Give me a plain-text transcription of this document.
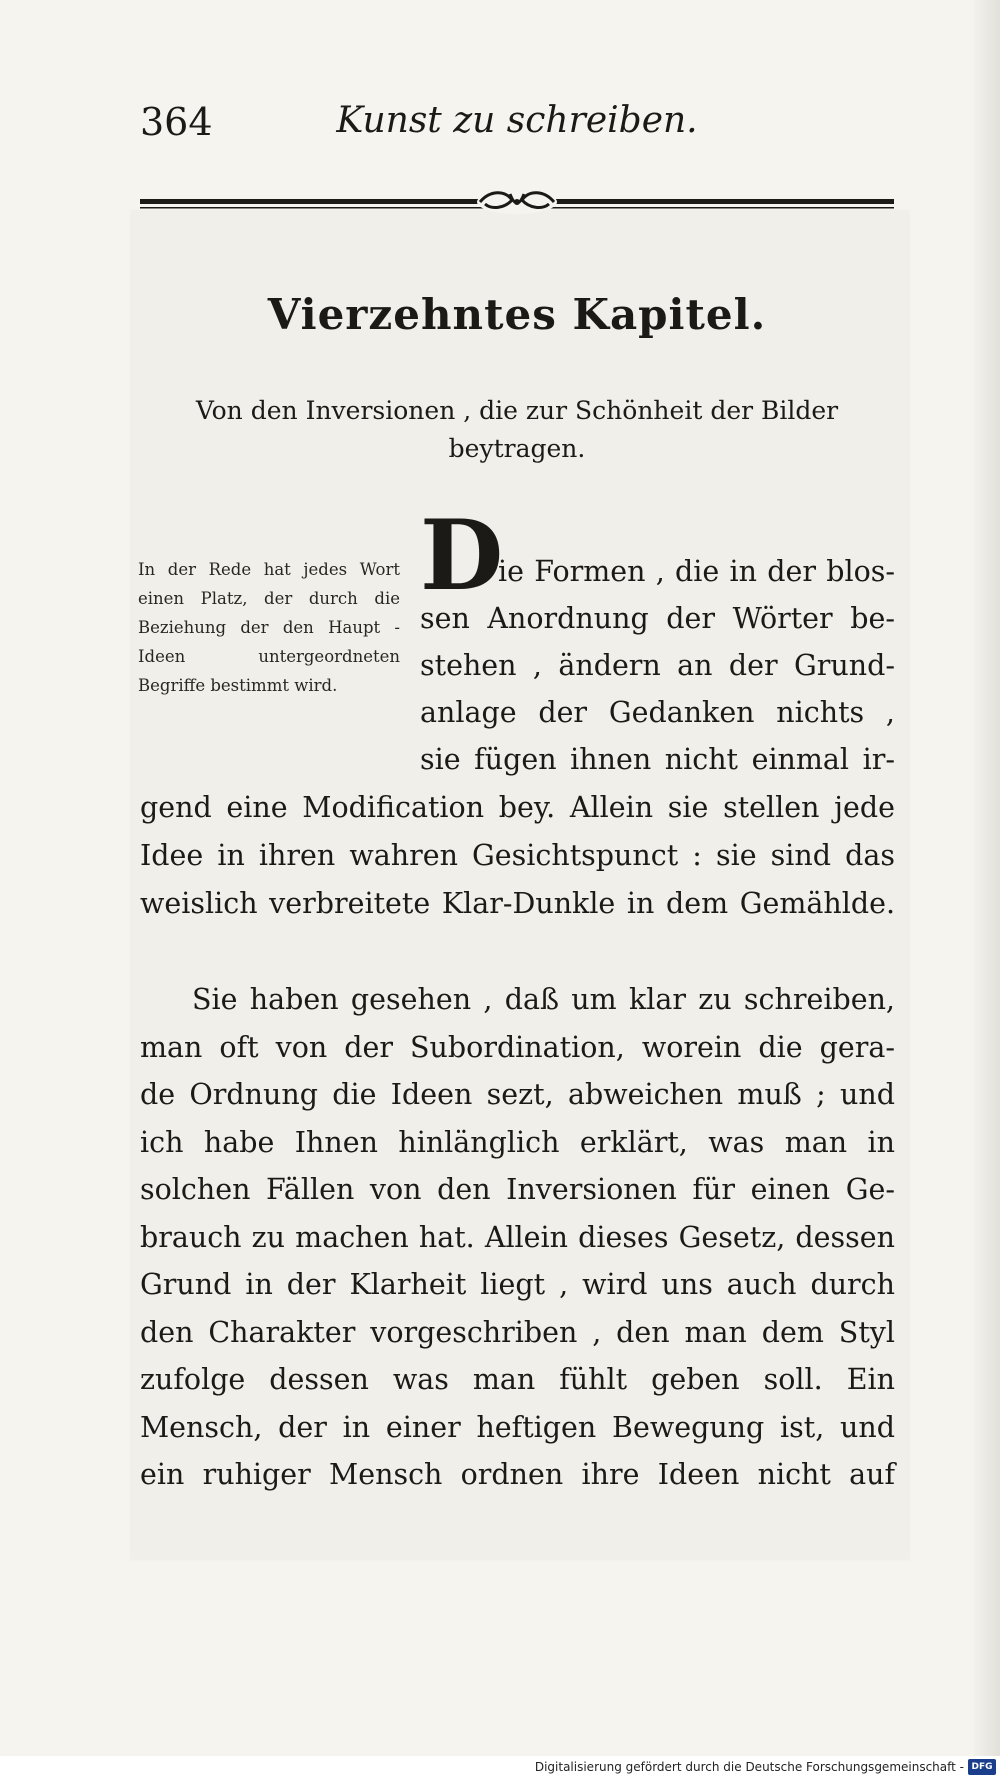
364	Kunst zu schreiben.
Vierzehntes Kapitel.
Von den Inversionen , die zur Schönheit der Bilder
beytragen.
In der Rede hat jedes Wort einen Platz, der durch die Beziehung der den Haupt - Ideen untergeordneten Begriffe bestimmt wird.
D
ie Formen , die in der blos-
sen Anordnung der Wörter be-
stehen , ändern an der Grund-
anlage der Gedanken nichts ,
sie fügen ihnen nicht einmal ir-
gend eine Modification bey. Allein sie stellen jede
Idee in ihren wahren Gesichtspunct : sie sind das
weislich verbreitete Klar-Dunkle in dem Gemählde.
Sie haben gesehen , daß um klar zu schreiben,
man oft von der Subordination, worein die gera-
de Ordnung die Ideen sezt, abweichen muß ; und
ich habe Ihnen hinlänglich erklärt, was man in
solchen Fällen von den Inversionen für einen Ge-
brauch zu machen hat. Allein dieses Gesetz, dessen
Grund in der Klarheit liegt , wird uns auch durch
den Charakter vorgeschriben , den man dem Styl
zufolge dessen was man fühlt geben soll. Ein
Mensch, der in einer heftigen Bewegung ist, und
ein ruhiger Mensch ordnen ihre Ideen nicht auf
Digitalisierung gefördert durch die Deutsche Forschungsgemeinschaft - DFG
